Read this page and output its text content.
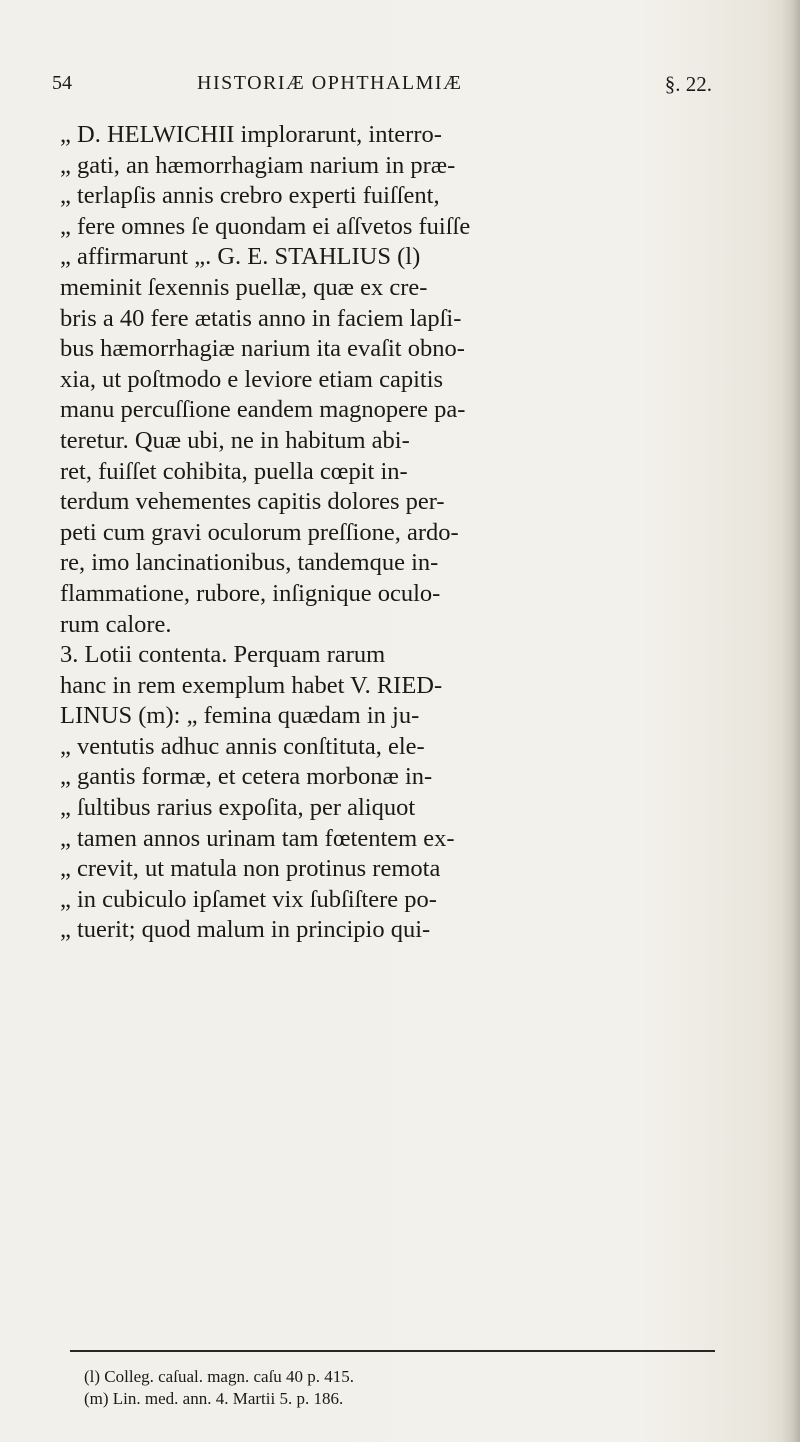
54	HISTORIÆ OPHTHALMIÆ	§. 22.
„ D. HELWICHII implorarunt, interro-
„ gati, an hæmorrhagiam narium in præ-
„ terlapſis annis crebro experti fuiſſent,
„ fere omnes ſe quondam ei aſſvetos fuiſſe
„ affirmarunt „. G. E. STAHLIUS (l)
meminit ſexennis puellæ, quæ ex cre-
bris a 40 fere ætatis anno in faciem lapſi-
bus hæmorrhagiæ narium ita evaſit obno-
xia, ut poſtmodo e leviore etiam capitis
manu percuſſione eandem magnopere pa-
teretur. Quæ ubi, ne in habitum abi-
ret, fuiſſet cohibita, puella cœpit in-
terdum vehementes capitis dolores per-
peti cum gravi oculorum preſſione, ardo-
re, imo lancinationibus, tandemque in-
flammatione, rubore, inſignique oculo-
rum calore.
3. Lotii contenta. Perquam rarum
hanc in rem exemplum habet V. RIED-
LINUS (m): „ femina quædam in ju-
„ ventutis adhuc annis conſtituta, ele-
„ gantis formæ, et cetera morbonæ in-
„ ſultibus rarius expoſita, per aliquot
„ tamen annos urinam tam fœtentem ex-
„ crevit, ut matula non protinus remota
„ in cubiculo ipſamet vix ſubſiſtere po-
„ tuerit; quod malum in principio qui-
(l) Colleg. caſual. magn. caſu 40 p. 415.
(m) Lin. med. ann. 4. Martii 5. p. 186.
